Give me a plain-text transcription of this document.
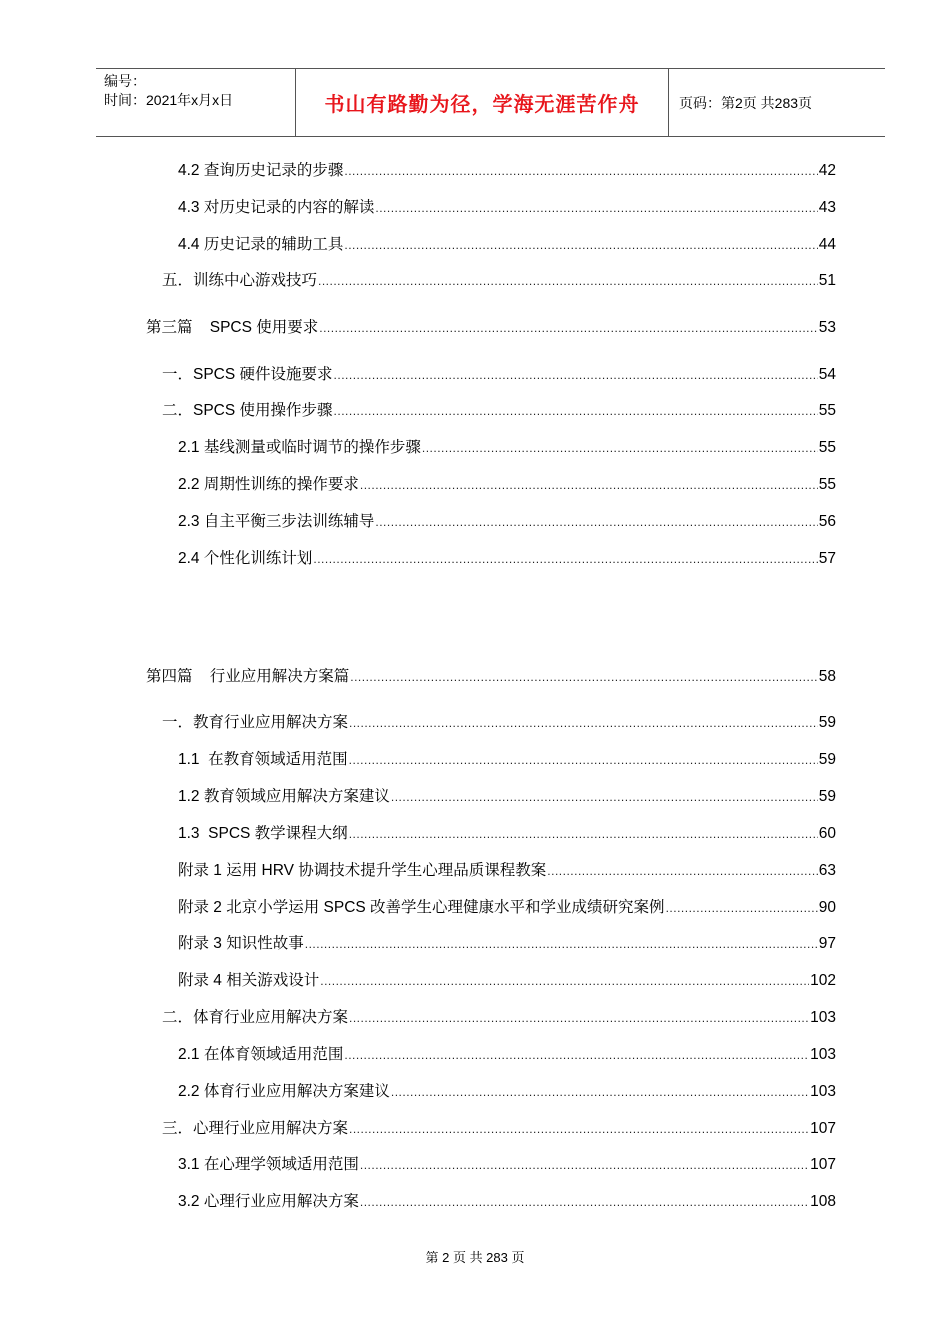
编号：
时间：2021年x月x日	书山有路勤为径，学海无涯苦作舟	页码：第2页 共283页
4.2 查询历史记录的步骤 .....	42
4.3 对历史记录的内容的解读 .....	43
4.4 历史记录的辅助工具 .....	44
五．训练中心游戏技巧 .....	51
第三篇    SPCS 使用要求 .....	53
一．SPCS 硬件设施要求 .....	54
二．SPCS 使用操作步骤 .....	55
2.1 基线测量或临时调节的操作步骤 .....	55
2.2 周期性训练的操作要求 .....	55
2.3 自主平衡三步法训练辅导 .....	56
2.4 个性化训练计划 .....	57
第四篇    行业应用解决方案篇 .....	58
一．教育行业应用解决方案 .....	59
1.1  在教育领域适用范围 .....	59
1.2 教育领域应用解决方案建议 .....	59
1.3  SPCS 教学课程大纲 .....	60
附录 1 运用 HRV 协调技术提升学生心理品质课程教案 .....	63
附录 2 北京小学运用 SPCS 改善学生心理健康水平和学业成绩研究案例 .....	90
附录 3 知识性故事 .....	97
附录 4 相关游戏设计 .....	102
二．体育行业应用解决方案 .....	103
2.1 在体育领域适用范围 .....	103
2.2 体育行业应用解决方案建议 .....	103
三．心理行业应用解决方案 .....	107
3.1 在心理学领域适用范围 .....	107
3.2 心理行业应用解决方案 .....	108
第 2 页 共 283 页
